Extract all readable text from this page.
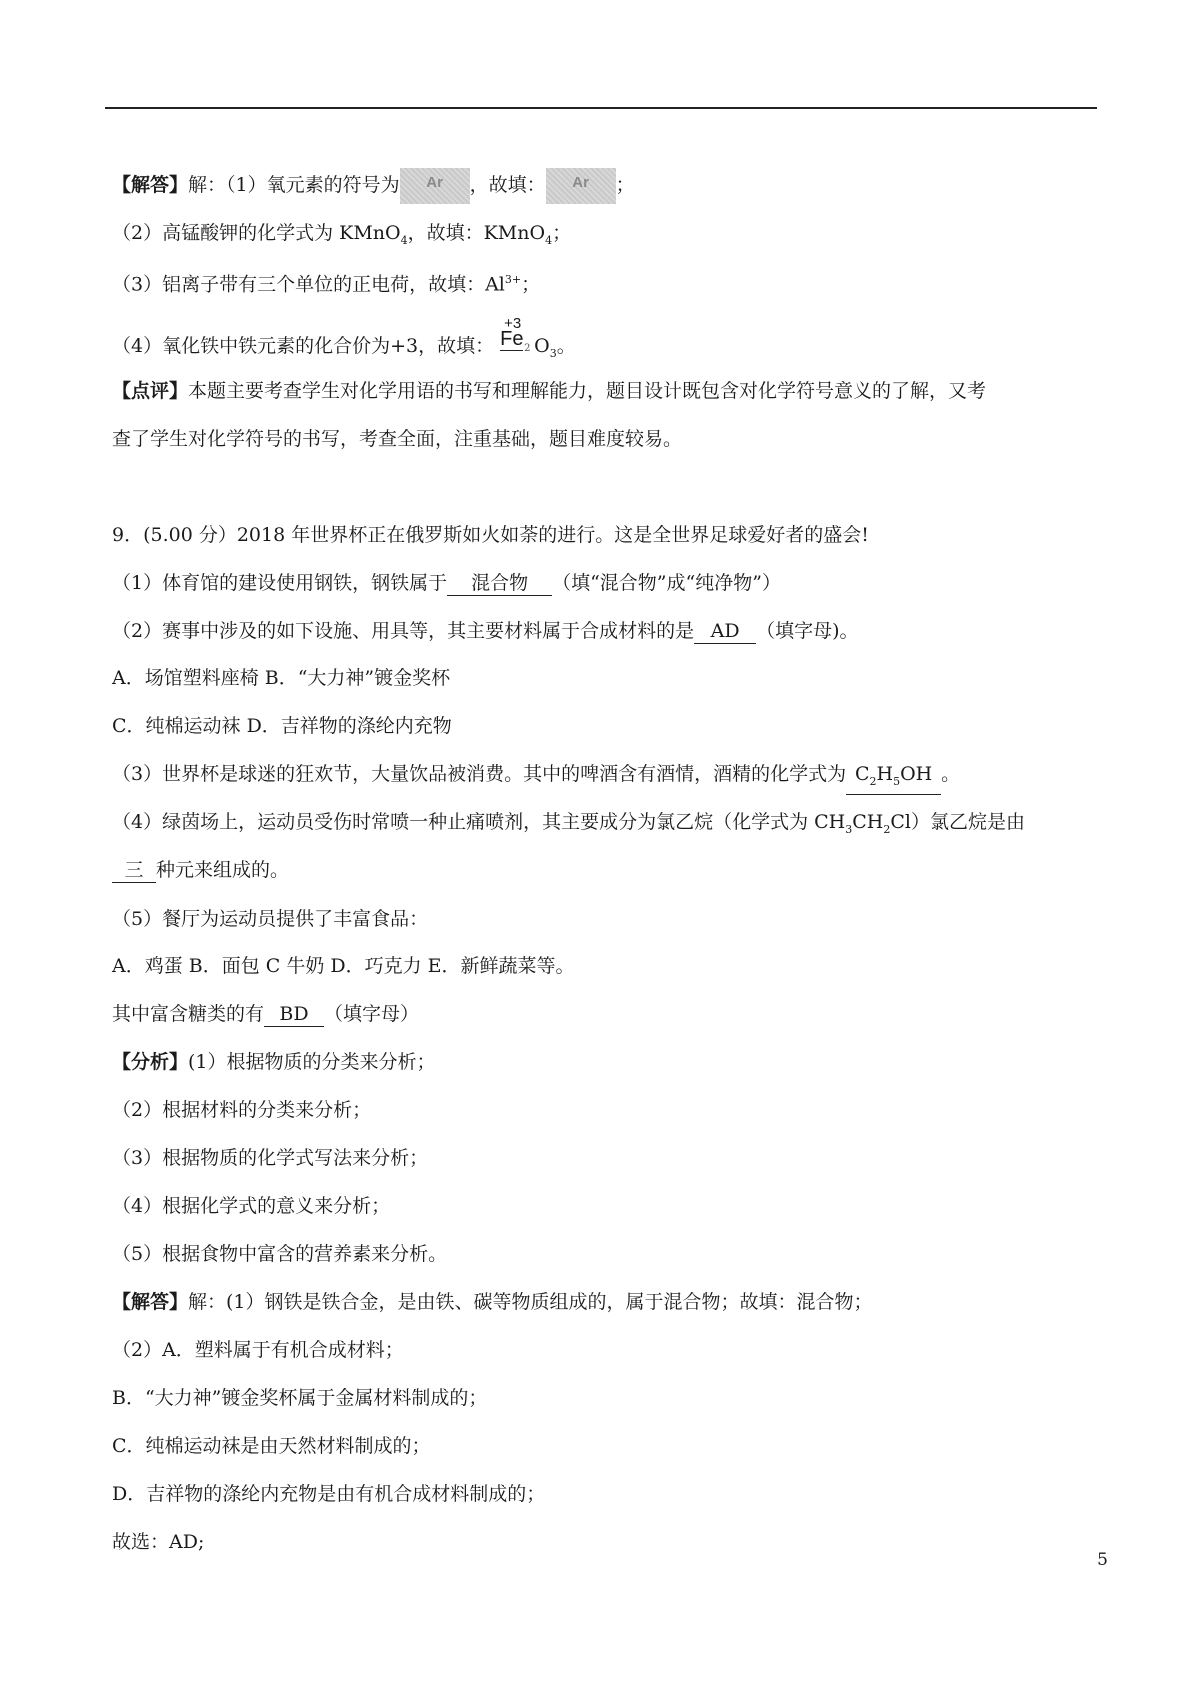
【解答】解：（1）氧元素的符号为 Ar ，故填： Ar ；
（2）高锰酸钾的化学式为 KMnO$_4$，故填：KMnO$_4$；
（3）铝离子带有三个单位的正电荷，故填：$Al^{3+}$；
（4）氧化铁中铁元素的化合价为+3，故填：
+3
Fe 2 $O_3$。
【点评】本题主要考查学生对化学用语的书写和理解能力，题目设计既包含对化学符号意义的了解，又考
查了学生对化学符号的书写，考查全面，注重基础，题目难度较易。
9．(5.00 分）2018 年世界杯正在俄罗斯如火如荼的进行。这是全世界足球爱好者的盛会!
（1）体育馆的建设使用钢铁，钢铁属于 混合物 （填“混合物”成“纯净物”）
（2）赛事中涉及的如下设施、用具等，其主要材料属于合成材料的是 AD （填字母)。
A．场馆塑料座椅 B．“大力神”镀金奖杯
C．纯棉运动袜 D．吉祥物的涤纶内充物
（3）世界杯是球迷的狂欢节，大量饮品被消费。其中的啤酒含有酒情，酒精的化学式为 $C_2H_5OH$ 。
（4）绿茵场上，运动员受伤时常喷一种止痛喷剂，其主要成分为氯乙烷（化学式为 $CH_3CH_2Cl$）氯乙烷是由
三 种元来组成的。
（5）餐厅为运动员提供了丰富食品：
A．鸡蛋 B．面包 C 牛奶 D．巧克力 E．新鲜蔬菜等。
其中富含糖类的有 BD （填字母）
【分析】(1）根据物质的分类来分析；
（2）根据材料的分类来分析；
（3）根据物质的化学式写法来分析；
（4）根据化学式的意义来分析；
（5）根据食物中富含的营养素来分析。
【解答】解：(1）钢铁是铁合金，是由铁、碳等物质组成的，属于混合物；故填：混合物；
（2）A．塑料属于有机合成材料；
B．“大力神”镀金奖杯属于金属材料制成的；
C．纯棉运动袜是由天然材料制成的；
D．吉祥物的涤纶内充物是由有机合成材料制成的；
故选：AD;
5
